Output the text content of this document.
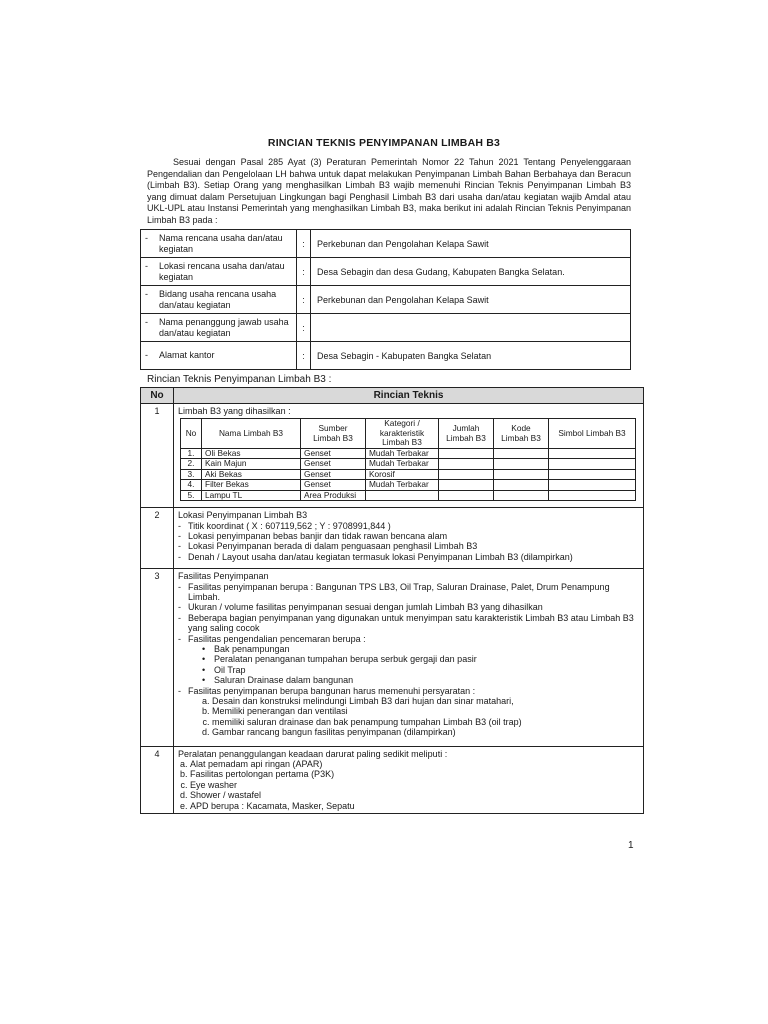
RINCIAN TEKNIS PENYIMPANAN LIMBAH B3
Sesuai dengan Pasal 285 Ayat (3) Peraturan Pemerintah Nomor 22 Tahun 2021 Tentang Penyelenggaraan Pengendalian dan Pengelolaan LH bahwa untuk dapat melakukan Penyimpanan Limbah Bahan Berbahaya dan Beracun (Limbah B3). Setiap Orang yang menghasilkan Limbah B3 wajib memenuhi Rincian Teknis Penyimpanan Limbah B3 yang dimuat dalam Persetujuan Lingkungan bagi Penghasil Limbah B3 dari usaha dan/atau kegiatan wajib Amdal atau UKL-UPL atau Instansi Pemerintah yang menghasilkan Limbah B3, maka berikut ini adalah Rincian Teknis Penyimpanan Limbah B3 pada :
- Nama rencana usaha dan/atau kegiatan	:	Perkebunan dan Pengolahan Kelapa Sawit

- Lokasi rencana usaha dan/atau kegiatan	:	Desa Sebagin dan desa Gudang, Kabupaten Bangka Selatan.

- Bidang usaha rencana usaha dan/atau kegiatan	:	Perkebunan dan Pengolahan Kelapa Sawit

- Nama penanggung jawab usaha dan/atau kegiatan	:	

- Alamat kantor	:	Desa Sebagin - Kabupaten Bangka Selatan
Rincian Teknis Penyimpanan Limbah B3 :
No	Rincian Teknis
1	Limbah B3 yang dihasilkan :
No	Nama Limbah B3	Sumber Limbah B3	Kategori / karakteristik Limbah B3	Jumlah Limbah B3	Kode Limbah B3	Simbol Limbah B3
1.	Oli Bekas	Genset	Mudah Terbakar			
2.	Kain Majun	Genset	Mudah Terbakar			
3.	Aki Bekas	Genset	Korosif			
4.	Filter Bekas	Genset	Mudah Terbakar			
5.	Lampu TL	Area Produksi				

2	Lokasi Penyimpanan Limbah B3
- Titik koordinat ( X : 607119,562 ; Y : 9708991,844 )
- Lokasi penyimpanan bebas banjir dan tidak rawan bencana alam
- Lokasi Penyimpanan berada di dalam penguasaan penghasil Limbah B3
- Denah / Layout usaha dan/atau kegiatan termasuk lokasi Penyimpanan Limbah B3 (dilampirkan)

3	Fasilitas Penyimpanan
- Fasilitas penyimpanan berupa : Bangunan TPS LB3, Oil Trap, Saluran Drainase, Palet, Drum Penampung Limbah.
- Ukuran / volume fasilitas penyimpanan sesuai dengan jumlah Limbah B3 yang dihasilkan
- Beberapa bagian penyimpanan yang digunakan untuk menyimpan satu karakteristik Limbah B3 atau Limbah B3 yang saling cocok
- Fasilitas pengendalian pencemaran berupa :
• Bak penampungan
• Peralatan penanganan tumpahan berupa serbuk gergaji dan pasir
• Oil Trap
• Saluran Drainase dalam bangunan
- Fasilitas penyimpanan berupa bangunan harus memenuhi persyaratan :
a. Desain dan konstruksi melindungi Limbah B3 dari hujan dan sinar matahari,
b. Memiliki penerangan dan ventilasi
c. memiliki saluran drainase dan bak penampung tumpahan Limbah B3 (oil trap)
d. Gambar rancang bangun fasilitas penyimpanan (dilampirkan)

4	Peralatan penanggulangan keadaan darurat paling sedikit meliputi :
a. Alat pemadam api ringan (APAR)
b. Fasilitas pertolongan pertama (P3K)
c. Eye washer
d. Shower / wastafel
e. APD berupa : Kacamata, Masker, Sepatu
1
